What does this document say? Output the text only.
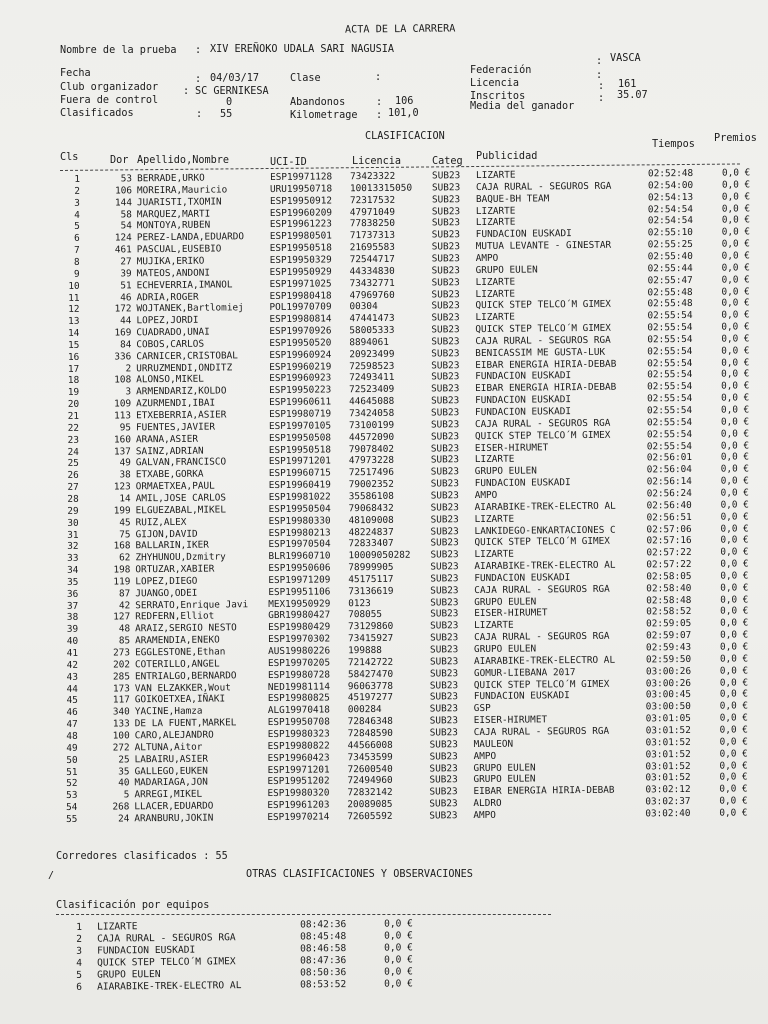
ACTA DE LA CARRERA
Nombre de la prueba : XIV EREÑOKO UDALA SARI NAGUSIA
: VASCA
Federación
Fecha
: 04/03/17	Clase	:	:
Licencia	: 161
Club organizador : SC GERNIKESA	Inscritos	: 35.07
Fuera de control	0	Abandonos	: 106	Media del ganador
Clasificados	: 55	Kilometrage : 101,0
CLASIFICACION
Cls	Dor Apellido,Nombre	UCI-ID	Licencia	Categ Publicidad
Tiempos
Premios
1	53 BERRADE,URKO	ESP19971128 73423322	SUB23 LIZARTE	02:52:48	0,0 €
2	106 MOREIRA,Mauricio	URU19950718 10013315050 SUB23 CAJA RURAL - SEGUROS RGA	02:54:00	0,0 €
3	144 JUARISTI,TXOMIN	ESP19950912 72317532	SUB23 BAQUE-BH TEAM	02:54:13	0,0 €
4	58 MARQUEZ,MARTI	ESP19960209 47971049	SUB23 LIZARTE	02:54:54	0,0 €
5	54 MONTOYA,RUBEN	ESP19961223 77838250	SUB23 LIZARTE	02:54:54	0,0 €
6	124 PEREZ-LANDA,EDUARDO	ESP19980501 71737313	SUB23 FUNDACION EUSKADI	02:55:10	0,0 €
7	461 PASCUAL,EUSEBIO	ESP19950518 21695583	SUB23 MUTUA LEVANTE - GINESTAR	02:55:25	0,0 €
8	27 MUJIKA,ERIKO	ESP19950329 72544717	SUB23 AMPO	02:55:40	0,0 €
9	39 MATEOS,ANDONI	ESP19950929 44334830	SUB23 GRUPO EULEN	02:55:44	0,0 €
10	51 ECHEVERRIA,IMANOL	ESP19971025 73432771	SUB23 LIZARTE	02:55:47	0,0 €
11	46 ADRIA,ROGER	ESP19980418 47969760	SUB23 LIZARTE	02:55:48	0,0 €
12	172 WOJTANEK,Bartlomiej	POL19970709 00304	SUB23 QUICK STEP TELCO´M GIMEX	02:55:48	0,0 €
13	44 LOPEZ,JORDI	ESP19980814 47441473	SUB23 LIZARTE	02:55:54	0,0 €
14	169 CUADRADO,UNAI	ESP19970926 58005333	SUB23 QUICK STEP TELCO´M GIMEX	02:55:54	0,0 €
15	84 COBOS,CARLOS	ESP19950520 8894061	SUB23 CAJA RURAL - SEGUROS RGA	02:55:54	0,0 €
16	336 CARNICER,CRISTOBAL	ESP19960924 20923499	SUB23 BENICASSIM ME GUSTA-LUK	02:55:54	0,0 €
17	2 URRUZMENDI,ONDITZ	ESP19960219 72598523	SUB23 EIBAR ENERGIA HIRIA-DEBAB	02:55:54	0,0 €
18	108 ALONSO,MIKEL	ESP19960923 72493411	SUB23 FUNDACION EUSKADI	02:55:54	0,0 €
19	3 ARMENDARIZ,KOLDO	ESP19950223 72523409	SUB23 EIBAR ENERGIA HIRIA-DEBAB	02:55:54	0,0 €
20	109 AZURMENDI,IBAI	ESP19960611 44645088	SUB23 FUNDACION EUSKADI	02:55:54	0,0 €
21	113 ETXEBERRIA,ASIER	ESP19980719 73424058	SUB23 FUNDACION EUSKADI	02:55:54	0,0 €
22	95 FUENTES,JAVIER	ESP19970105 73100199	SUB23 CAJA RURAL - SEGUROS RGA	02:55:54	0,0 €
23	160 ARANA,ASIER	ESP19950508 44572090	SUB23 QUICK STEP TELCO´M GIMEX	02:55:54	0,0 €
24	137 SAINZ,ADRIAN	ESP19950518 79078402	SUB23 EISER-HIRUMET	02:55:54	0,0 €
25	49 GALVAN,FRANCISCO	ESP19971201 47973228	SUB23 LIZARTE	02:56:01	0,0 €
26	38 ETXABE,GORKA	ESP19960715 72517496	SUB23 GRUPO EULEN	02:56:04	0,0 €
27	123 ORMAETXEA,PAUL	ESP19960419 79002352	SUB23 FUNDACION EUSKADI	02:56:14	0,0 €
28	14 AMIL,JOSE CARLOS	ESP19981022 35586108	SUB23 AMPO	02:56:24	0,0 €
29	199 ELGUEZABAL,MIKEL	ESP19950504 79068432	SUB23 AIARABIKE-TREK-ELECTRO AL	02:56:40	0,0 €
30	45 RUIZ,ALEX	ESP19980330 48109008	SUB23 LIZARTE	02:56:51	0,0 €
31	75 GIJON,DAVID	ESP19980213 48224837	SUB23 LANKIDEGO-ENKARTACIONES C	02:57:06	0,0 €
32	168 BALLARIN,IKER	ESP19970504 72833407	SUB23 QUICK STEP TELCO´M GIMEX	02:57:16	0,0 €
33	62 ZHYHUNOU,Dzmitry	BLR19960710 10009050282 SUB23 LIZARTE	02:57:22	0,0 €
34	198 ORTUZAR,XABIER	ESP19950606 78999905	SUB23 AIARABIKE-TREK-ELECTRO AL	02:57:22	0,0 €
35	119 LOPEZ,DIEGO	ESP19971209 45175117	SUB23 FUNDACION EUSKADI	02:58:05	0,0 €
36	87 JUANGO,ODEI	ESP19951106 73136619	SUB23 CAJA RURAL - SEGUROS RGA	02:58:40	0,0 €
37	42 SERRATO,Enrique Javi MEX19950929 0123	SUB23 GRUPO EULEN	02:58:48	0,0 €
38	127 REDFERN,Elliot	GBR19980427 708055	SUB23 EISER-HIRUMET	02:58:52	0,0 €
39	48 ARAIZ,SERGIO NESTO	ESP19980429 73129860	SUB23 LIZARTE	02:59:05	0,0 €
40	85 ARAMENDIA,ENEKO	ESP19970302 73415927	SUB23 CAJA RURAL - SEGUROS RGA	02:59:07	0,0 €
41	273 EGGLESTONE,Ethan	AUS19980226 199888	SUB23 GRUPO EULEN	02:59:43	0,0 €
42	202 COTERILLO,ANGEL	ESP19970205 72142722	SUB23 AIARABIKE-TREK-ELECTRO AL	02:59:50	0,0 €
43	285 ENTRIALGO,BERNARDO	ESP19980728 58427470	SUB23 GOMUR-LIEBANA 2017	03:00:26	0,0 €
44	173 VAN ELZAKKER,Wout	NED19981114 96063778	SUB23 QUICK STEP TELCO´M GIMEX	03:00:26	0,0 €
45	117 GOIKOETXEA,IÑAKI	ESP19980825 45197277	SUB23 FUNDACION EUSKADI	03:00:45	0,0 €
46	340 YACINE,Hamza	ALG19970418 000284	SUB23 GSP	03:00:50	0,0 €
47	133 DE LA FUENT,MARKEL	ESP19950708 72846348	SUB23 EISER-HIRUMET	03:01:05	0,0 €
48	100 CARO,ALEJANDRO	ESP19980323 72848590	SUB23 CAJA RURAL - SEGUROS RGA	03:01:52	0,0 €
49	272 ALTUNA,Aitor	ESP19980822 44566008	SUB23 MAULEON	03:01:52	0,0 €
50	25 LABAIRU,ASIER	ESP19960423 73453599	SUB23 AMPO	03:01:52	0,0 €
51	35 GALLEGO,EUKEN	ESP19971201 72600540	SUB23 GRUPO EULEN	03:01:52	0,0 €
52	40 MADARIAGA,JON	ESP19951202 72494960	SUB23 GRUPO EULEN	03:01:52	0,0 €
53	5 ARREGI,MIKEL	ESP19980320 72832142	SUB23 EIBAR ENERGIA HIRIA-DEBAB	03:02:12	0,0 €
54	268 LLACER,EDUARDO	ESP19961203 20089085	SUB23 ALDRO	03:02:37	0,0 €
55	24 ARANBURU,JOKIN	ESP19970214 72605592	SUB23 AMPO	03:02:40	0,0 €
Corredores clasificados : 55
/	OTRAS CLASIFICACIONES Y OBSERVACIONES
Clasificación por equipos
1 LIZARTE	08:42:36	0,0 €
2 CAJA RURAL - SEGUROS RGA	08:45:48	0,0 €
3 FUNDACION EUSKADI	08:46:58	0,0 €
4 QUICK STEP TELCO´M GIMEX	08:47:36	0,0 €
5 GRUPO EULEN	08:50:36	0,0 €
6 AIARABIKE-TREK-ELECTRO AL	08:53:52	0,0 €
